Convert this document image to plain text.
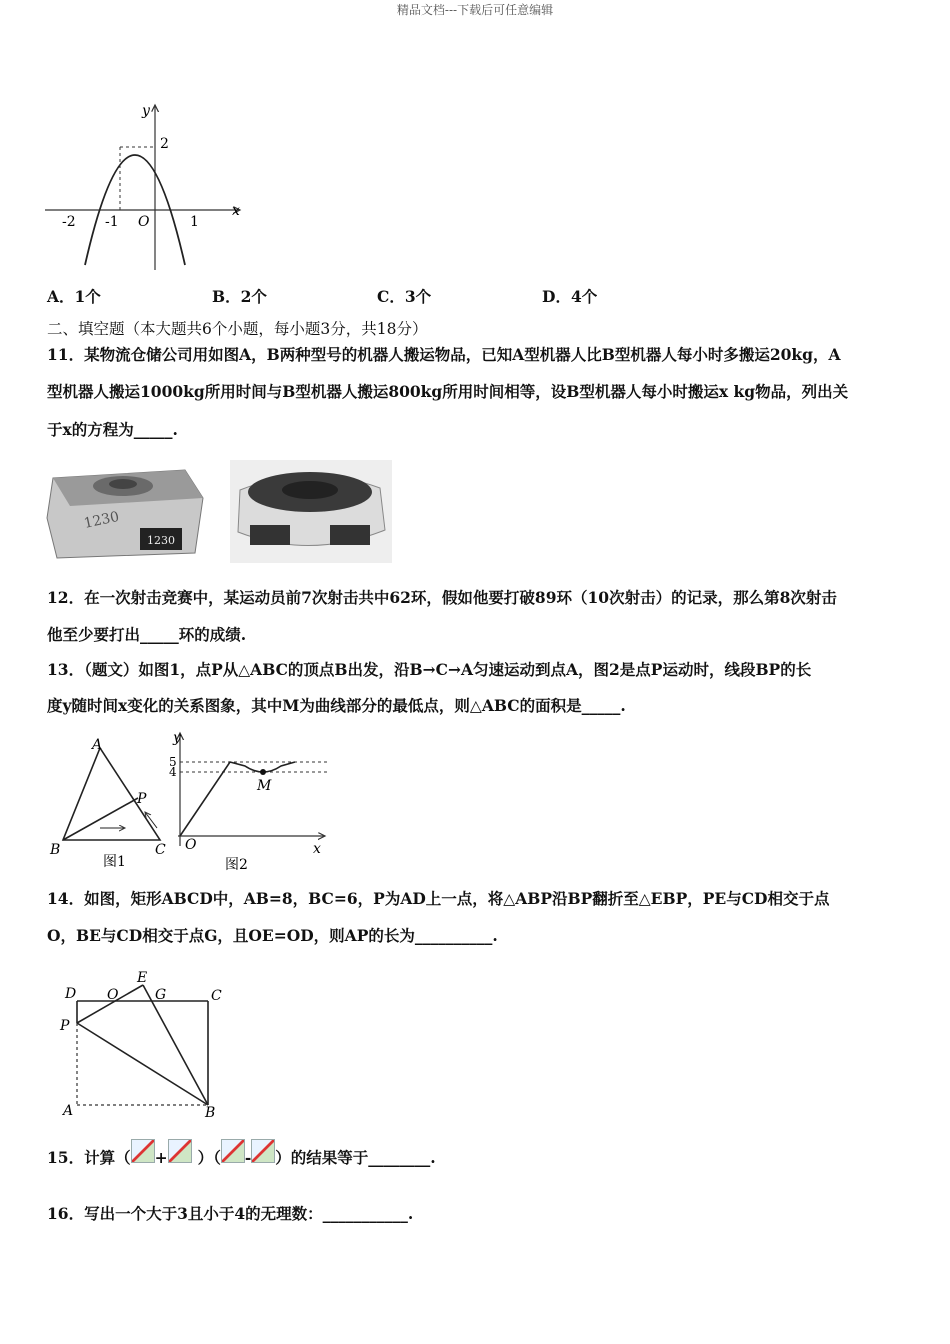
精品文档---下载后可任意编辑
y
x
2
-2 -1 O	1
A．1个	B．2个	C．3个	D．4个
二、填空题（本大题共6个小题，每小题3分，共18分）
11．某物流仓储公司用如图A，B两种型号的机器人搬运物品，已知A型机器人比B型机器人每小时多搬运20kg，A
型机器人搬运1000kg所用时间与B型机器人搬运800kg所用时间相等，设B型机器人每小时搬运x kg物品，列出关
于x的方程为_____.
1230
1230
12．在一次射击竞赛中，某运动员前7次射击共中62环，假如他要打破89环（10次射击）的记录，那么第8次射击
他至少要打出_____环的成绩.
13．（题文）如图1，点P从△ABC的顶点B出发，沿B→C→A匀速运动到点A，图2是点P运动时，线段BP的长
度y随时间x变化的关系图象，其中M为曲线部分的最低点，则△ABC的面积是_____.
A
B	C
P
图1
y
x
O
5
4
M
图2
14．如图，矩形ABCD中，AB=8，BC=6，P为AD上一点，将△ABP沿BP翻折至△EBP，PE与CD相交于点
O，BE与CD相交于点G，且OE=OD，则AP的长为__________.
D O
E
G	C
P
A	B
15．计算（ + ）（ - ）的结果等于________.
16．写出一个大于3且小于4的无理数：___________.
